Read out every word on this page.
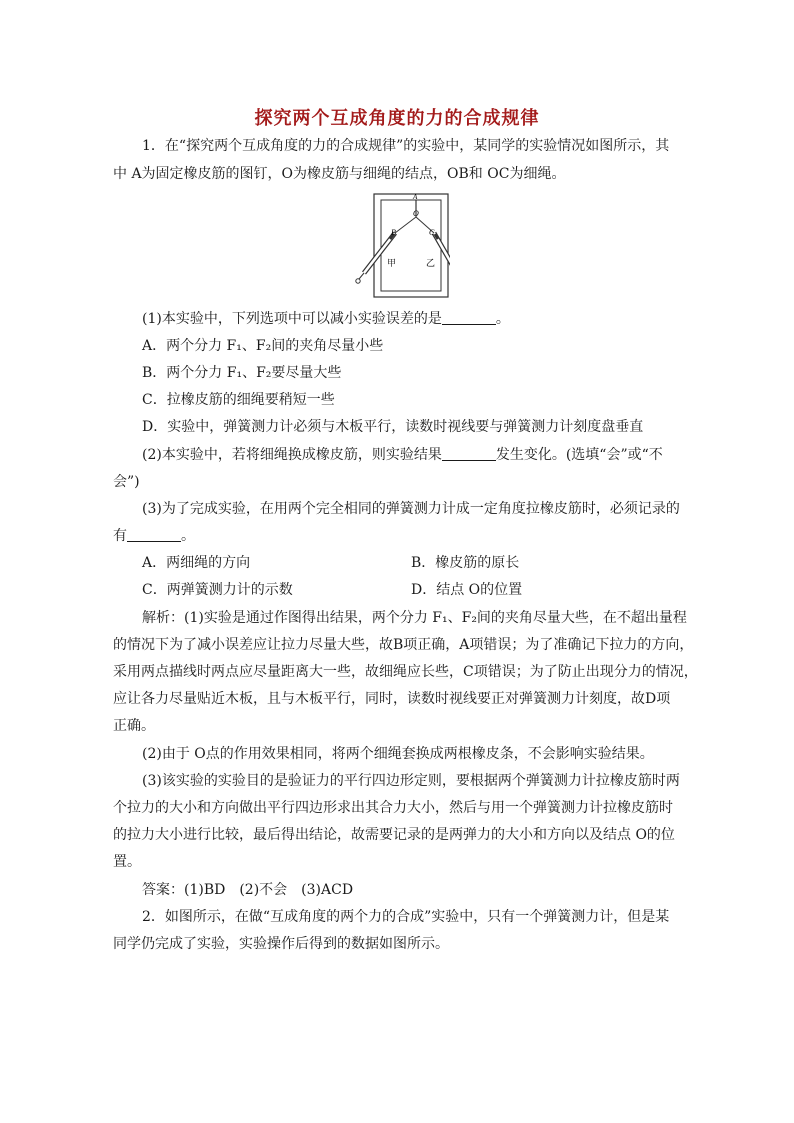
探究两个互成角度的力的合成规律
1．在“探究两个互成角度的力的合成规律”的实验中，某同学的实验情况如图所示，其
中 A为固定橡皮筋的图钉，O为橡皮筋与细绳的结点，OB和 OC为细绳。
A
O
B	C
甲	乙
(1)本实验中，下列选项中可以减小实验误差的是	。
A．两个分力 F₁、F₂间的夹角尽量小些
B．两个分力 F₁、F₂要尽量大些
C．拉橡皮筋的细绳要稍短一些
D．实验中，弹簧测力计必须与木板平行，读数时视线要与弹簧测力计刻度盘垂直
(2)本实验中，若将细绳换成橡皮筋，则实验结果	发生变化。(选填“会”或“不
会”)
(3)为了完成实验，在用两个完全相同的弹簧测力计成一定角度拉橡皮筋时，必须记录的
有	。
A．两细绳的方向	B．橡皮筋的原长
C．两弹簧测力计的示数	D．结点 O的位置
解析：(1)实验是通过作图得出结果，两个分力 F₁、F₂间的夹角尽量大些，在不超出量程
的情况下为了减小误差应让拉力尽量大些，故B项正确，A项错误；为了准确记下拉力的方向，
采用两点描线时两点应尽量距离大一些，故细绳应长些，C项错误；为了防止出现分力的情况，
应让各力尽量贴近木板，且与木板平行，同时，读数时视线要正对弹簧测力计刻度，故D项
正确。
(2)由于 O点的作用效果相同，将两个细绳套换成两根橡皮条，不会影响实验结果。
(3)该实验的实验目的是验证力的平行四边形定则，要根据两个弹簧测力计拉橡皮筋时两
个拉力的大小和方向做出平行四边形求出其合力大小，然后与用一个弹簧测力计拉橡皮筋时
的拉力大小进行比较，最后得出结论，故需要记录的是两弹力的大小和方向以及结点 O的位
置。
答案：(1)BD　(2)不会　(3)ACD
2．如图所示，在做“互成角度的两个力的合成”实验中，只有一个弹簧测力计，但是某
同学仍完成了实验，实验操作后得到的数据如图所示。
